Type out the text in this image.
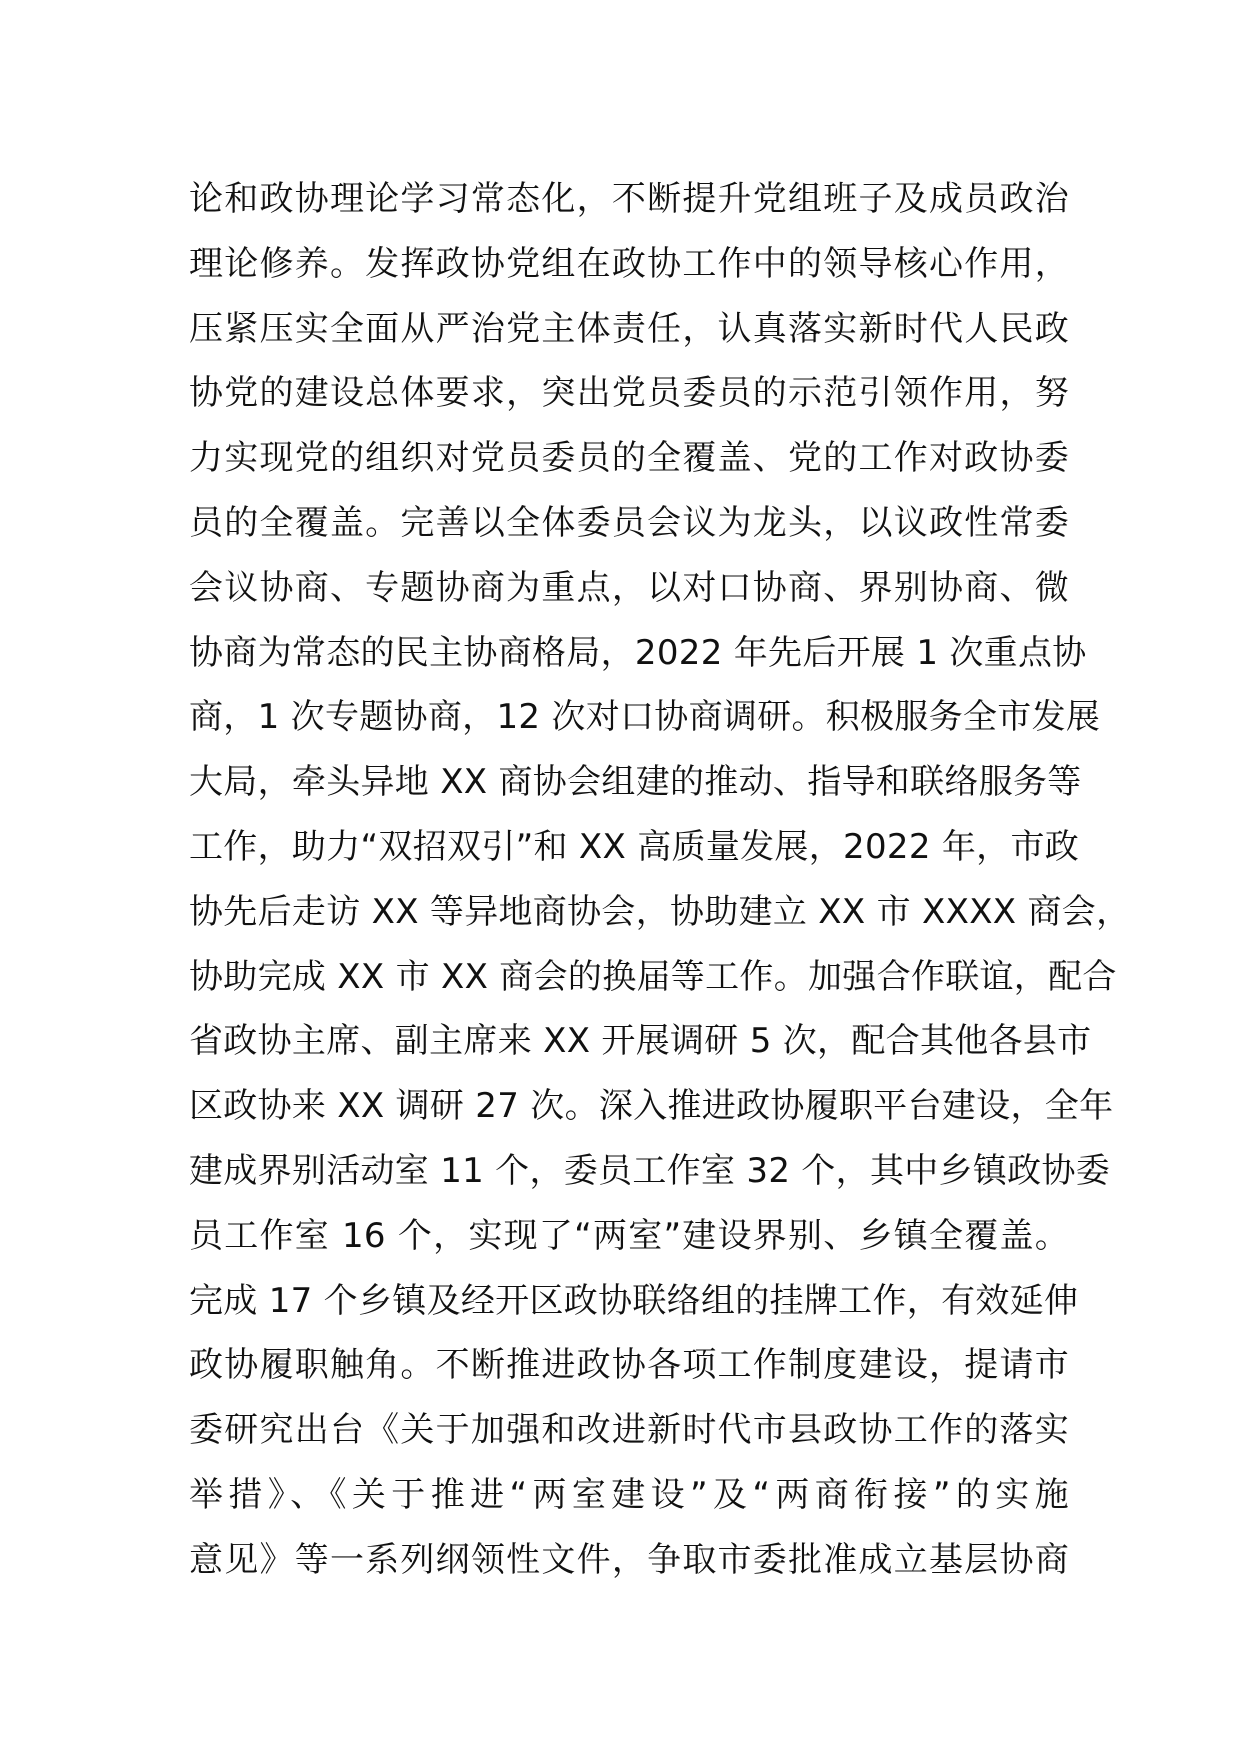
论和政协理论学习常态化，不断提升党组班子及成员政治
理论修养。发挥政协党组在政协工作中的领导核心作用，
压紧压实全面从严治党主体责任，认真落实新时代人民政
协党的建设总体要求，突出党员委员的示范引领作用，努
力实现党的组织对党员委员的全覆盖、党的工作对政协委
员的全覆盖。完善以全体委员会议为龙头，以议政性常委
会议协商、专题协商为重点，以对口协商、界别协商、微
协商为常态的民主协商格局，2022 年先后开展 1 次重点协
商，1 次专题协商，12 次对口协商调研。积极服务全市发展
大局，牵头异地 XX 商协会组建的推动、指导和联络服务等
工作，助力“双招双引”和 XX 高质量发展，2022 年，市政
协先后走访 XX 等异地商协会，协助建立 XX 市 XXXX 商会，
协助完成 XX 市 XX 商会的换届等工作。加强合作联谊，配合
省政协主席、副主席来 XX 开展调研 5 次，配合其他各县市
区政协来 XX 调研 27 次。深入推进政协履职平台建设，全年
建成界别活动室 11 个，委员工作室 32 个，其中乡镇政协委
员工作室 16 个，实现了“两室”建设界别、乡镇全覆盖。
完成 17 个乡镇及经开区政协联络组的挂牌工作，有效延伸
政协履职触角。不断推进政协各项工作制度建设，提请市
委研究出台《关于加强和改进新时代市县政协工作的落实
举措》、《关于推进“两室建设”及“两商衔接”的实施
意见》等一系列纲领性文件，争取市委批准成立基层协商
